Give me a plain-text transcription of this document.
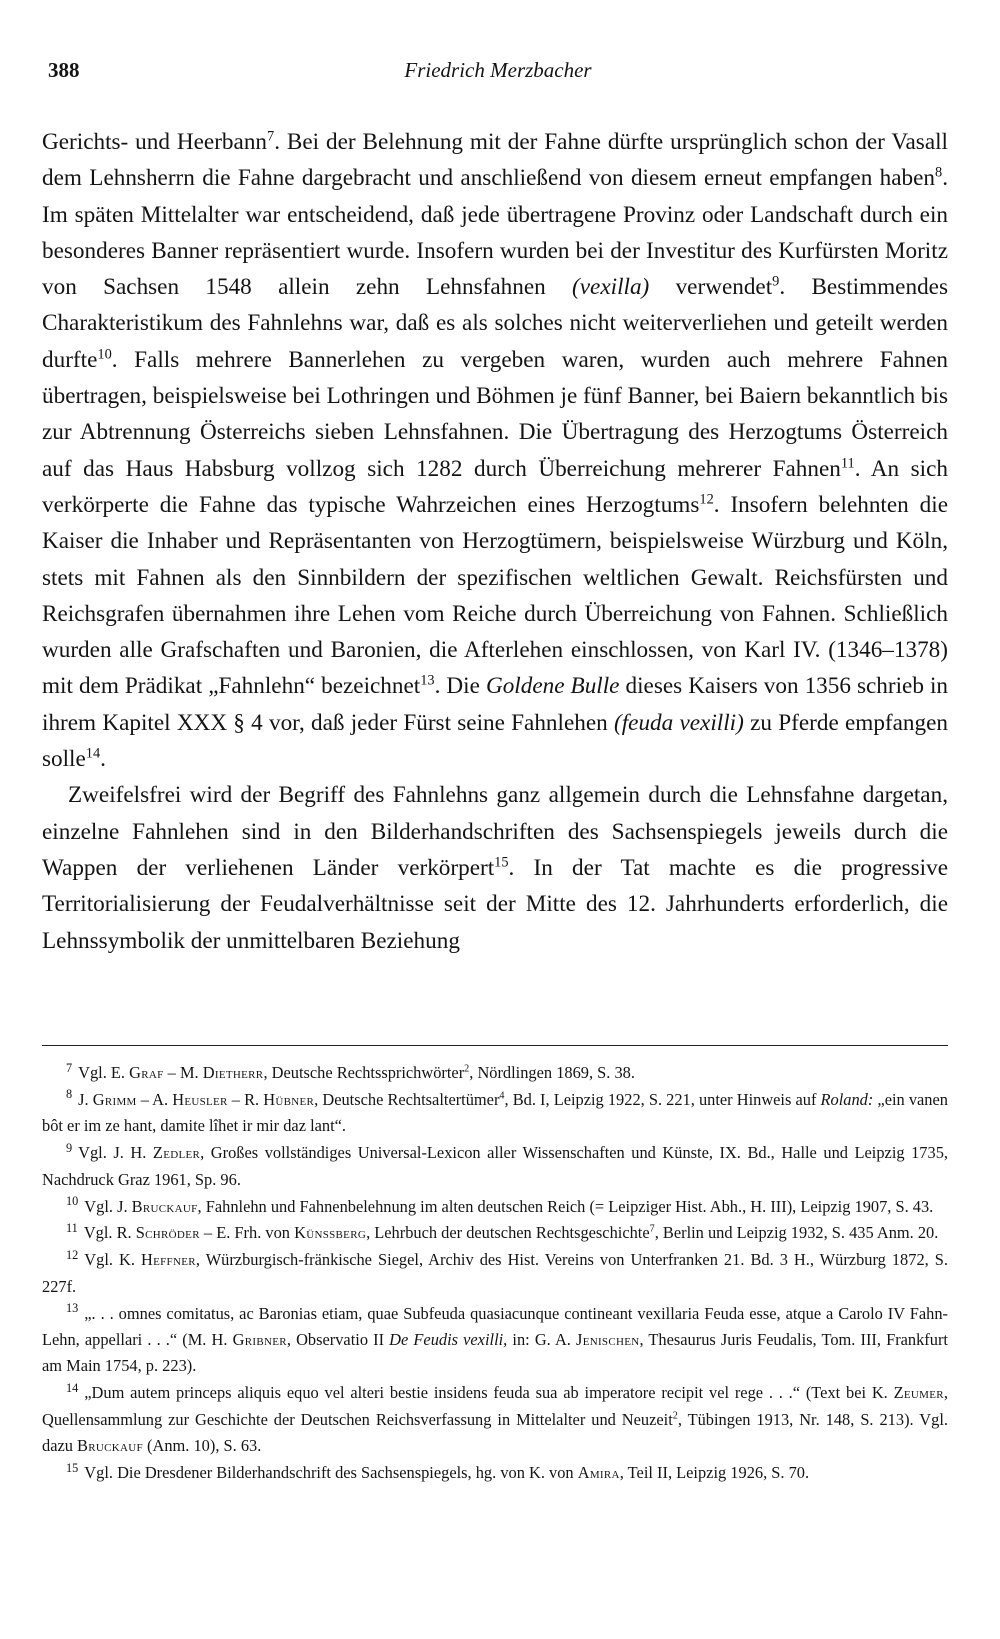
388	Friedrich Merzbacher

Gerichts- und Heerbann$^7$. Bei der Belehnung mit der Fahne dürfte ursprünglich schon der Vasall dem Lehnsherrn die Fahne dargebracht und anschließend von diesem erneut empfangen haben$^8$. Im späten Mittelalter war entscheidend, daß jede übertragene Provinz oder Landschaft durch ein besonderes Banner repräsentiert wurde. Insofern wurden bei der Investitur des Kurfürsten Moritz von Sachsen 1548 allein zehn Lehnsfahnen (vexilla) verwendet$^9$. Bestimmendes Charakteristikum des Fahnlehns war, daß es als solches nicht weiterverliehen und geteilt werden durfte$^{10}$. Falls mehrere Bannerlehen zu vergeben waren, wurden auch mehrere Fahnen übertragen, beispielsweise bei Lothringen und Böhmen je fünf Banner, bei Baiern bekanntlich bis zur Abtrennung Österreichs sieben Lehnsfahnen. Die Übertragung des Herzogtums Österreich auf das Haus Habsburg vollzog sich 1282 durch Überreichung mehrerer Fahnen$^{11}$. An sich verkörperte die Fahne das typische Wahrzeichen eines Herzogtums$^{12}$. Insofern belehnten die Kaiser die Inhaber und Repräsentanten von Herzogtümern, beispielsweise Würzburg und Köln, stets mit Fahnen als den Sinnbildern der spezifischen weltlichen Gewalt. Reichsfürsten und Reichsgrafen übernahmen ihre Lehen vom Reiche durch Überreichung von Fahnen. Schließlich wurden alle Grafschaften und Baronien, die Afterlehen einschlossen, von Karl IV. (1346–1378) mit dem Prädikat „Fahnlehn“ bezeichnet$^{13}$. Die Goldene Bulle dieses Kaisers von 1356 schrieb in ihrem Kapitel XXX § 4 vor, daß jeder Fürst seine Fahnlehen (feuda vexilli) zu Pferde empfangen solle$^{14}$.

Zweifelsfrei wird der Begriff des Fahnlehns ganz allgemein durch die Lehnsfahne dargetan, einzelne Fahnlehen sind in den Bilderhandschriften des Sachsenspiegels jeweils durch die Wappen der verliehenen Länder verkörpert$^{15}$. In der Tat machte es die progressive Territorialisierung der Feudalverhältnisse seit der Mitte des 12. Jahrhunderts erforderlich, die Lehnssymbolik der unmittelbaren Beziehung

$^7$ Vgl. E. Graf – M. Dietherr, Deutsche Rechtssprichwörter$^2$, Nördlingen 1869, S. 38.

$^8$ J. Grimm – A. Heusler – R. Hübner, Deutsche Rechtsaltertümer$^4$, Bd. I, Leipzig 1922, S. 221, unter Hinweis auf Roland: „ein vanen bôt er im ze hant, damite lîhet ir mir daz lant“.

$^9$ Vgl. J. H. Zedler, Großes vollständiges Universal-Lexicon aller Wissenschaften und Künste, IX. Bd., Halle und Leipzig 1735, Nachdruck Graz 1961, Sp. 96.

$^{10}$ Vgl. J. Bruckauf, Fahnlehn und Fahnenbelehnung im alten deutschen Reich (= Leipziger Hist. Abh., H. III), Leipzig 1907, S. 43.

$^{11}$ Vgl. R. Schröder – E. Frh. von Künssberg, Lehrbuch der deutschen Rechtsgeschichte$^7$, Berlin und Leipzig 1932, S. 435 Anm. 20.

$^{12}$ Vgl. K. Heffner, Würzburgisch-fränkische Siegel, Archiv des Hist. Vereins von Unterfranken 21. Bd. 3 H., Würzburg 1872, S. 227f.

$^{13}$ „. . . omnes comitatus, ac Baronias etiam, quae Subfeuda quasiacunque contineant vexillaria Feuda esse, atque a Carolo IV Fahn-Lehn, appellari . . .“ (M. H. Gribner, Observatio II De Feudis vexilli, in: G. A. Jenischen, Thesaurus Juris Feudalis, Tom. III, Frankfurt am Main 1754, p. 223).

$^{14}$ „Dum autem princeps aliquis equo vel alteri bestie insidens feuda sua ab imperatore recipit vel rege . . .“ (Text bei K. Zeumer, Quellensammlung zur Geschichte der Deutschen Reichsverfassung in Mittelalter und Neuzeit$^2$, Tübingen 1913, Nr. 148, S. 213). Vgl. dazu Bruckauf (Anm. 10), S. 63.

$^{15}$ Vgl. Die Dresdener Bilderhandschrift des Sachsenspiegels, hg. von K. von Amira, Teil II, Leipzig 1926, S. 70.
